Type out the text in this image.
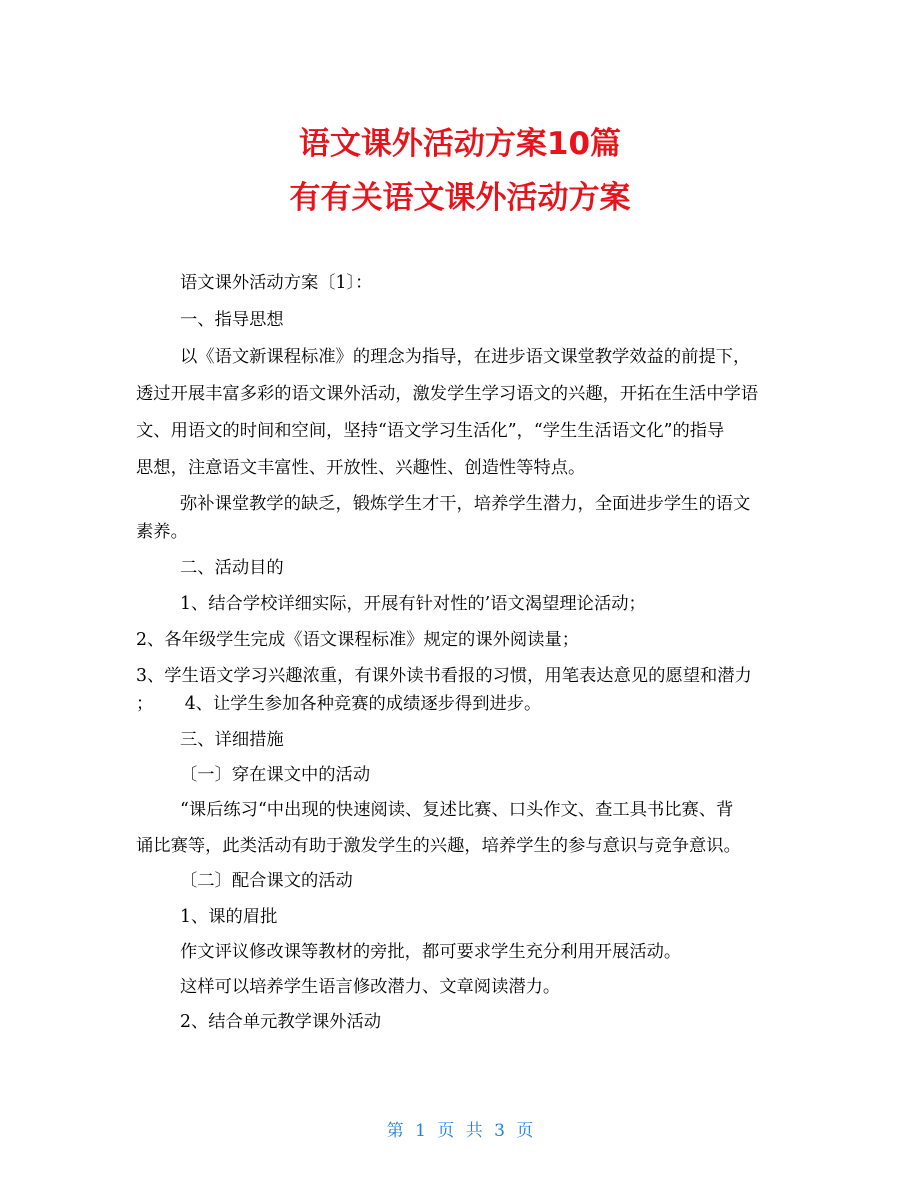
语文课外活动方案10篇
有有关语文课外活动方案
语文课外活动方案〔1〕：
一、指导思想
以《语文新课程标准》的理念为指导，在进步语文课堂教学效益的前提下，
透过开展丰富多彩的语文课外活动，激发学生学习语文的兴趣，开拓在生活中学语
文、用语文的时间和空间，坚持“语文学习生活化”，“学生生活语文化”的指导
思想，注意语文丰富性、开放性、兴趣性、创造性等特点。
弥补课堂教学的缺乏，锻炼学生才干，培养学生潜力，全面进步学生的语文
素养。
二、活动目的
1、结合学校详细实际，开展有针对性的’语文渴望理论活动；
2、各年级学生完成《语文课程标准》规定的课外阅读量；
3、学生语文学习兴趣浓重，有课外读书看报的习惯，用笔表达意见的愿望和潜力
；　　 4、让学生参加各种竞赛的成绩逐步得到进步。
三、详细措施
〔一〕穿在课文中的活动
“课后练习“中出现的快速阅读、复述比赛、口头作文、查工具书比赛、背
诵比赛等，此类活动有助于激发学生的兴趣，培养学生的参与意识与竞争意识。
〔二〕配合课文的活动
1、课的眉批
作文评议修改课等教材的旁批，都可要求学生充分利用开展活动。
这样可以培养学生语言修改潜力、文章阅读潜力。
2、结合单元教学课外活动
第 1 页 共 3 页
